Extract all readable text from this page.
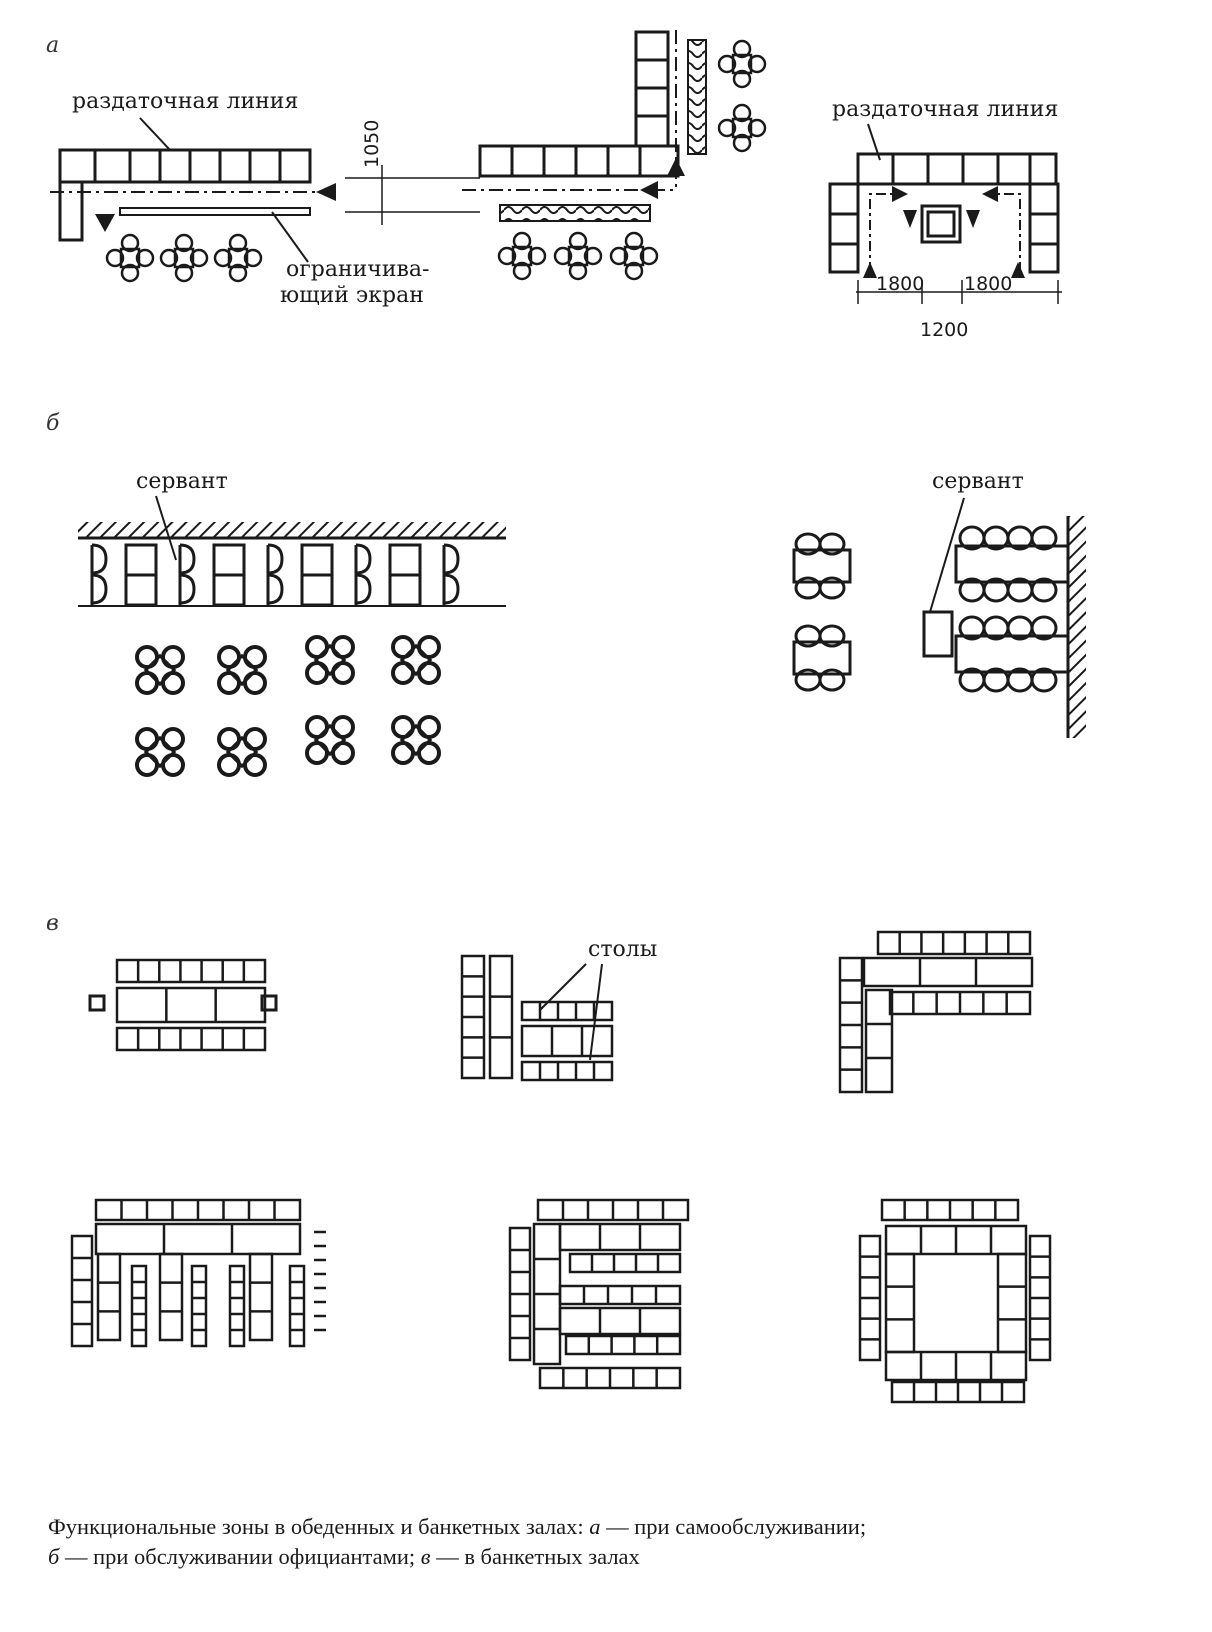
а
раздаточная линия
ограничива-
ющий экран
1050
раздаточная линия
1800 1800
1200
б
сервант	сервант
в
столы
Функциональные зоны в обеденных и банкетных залах: а — при самообслуживании;
б — при обслуживании официантами; в — в банкетных залах
